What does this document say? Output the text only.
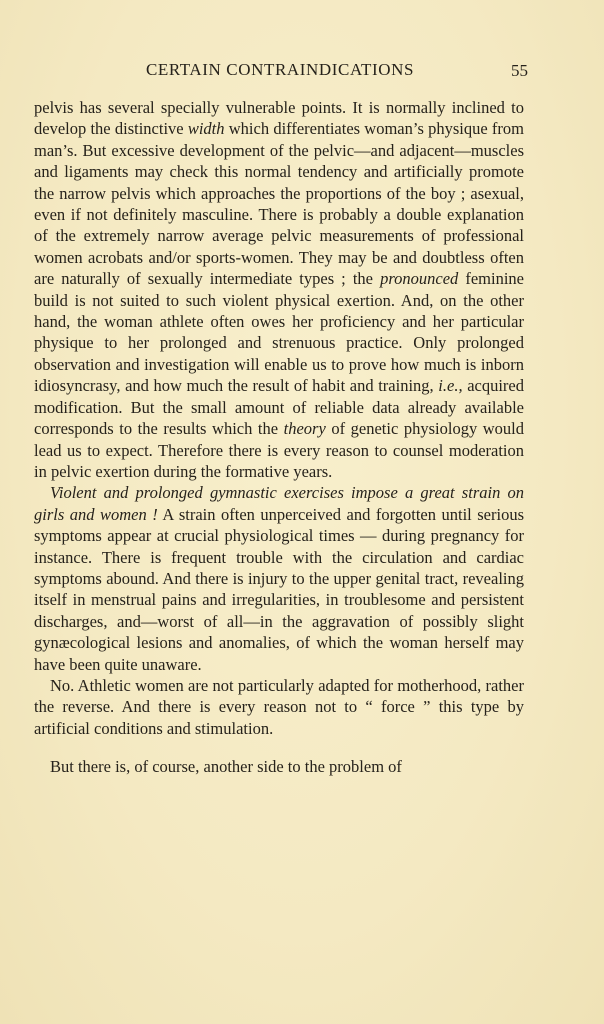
CERTAIN CONTRAINDICATIONS	55

pelvis has several specially vulnerable points. It is normally inclined to develop the distinctive width which differentiates woman’s physique from man’s. But excessive development of the pelvic—and adjacent—muscles and ligaments may check this normal tendency and artificially promote the narrow pelvis which approaches the proportions of the boy ; asexual, even if not definitely masculine. There is probably a double explanation of the extremely narrow average pelvic measurements of professional women acrobats and/or sports-women. They may be and doubtless often are naturally of sexually intermediate types ; the pronounced feminine build is not suited to such violent physical exertion. And, on the other hand, the woman athlete often owes her proficiency and her particular physique to her prolonged and strenuous practice. Only prolonged observation and investigation will enable us to prove how much is inborn idiosyncrasy, and how much the result of habit and training, i.e., acquired modification. But the small amount of reliable data already available corresponds to the results which the theory of genetic physiology would lead us to expect. Therefore there is every reason to counsel moderation in pelvic exertion during the formative years.

Violent and prolonged gymnastic exercises impose a great strain on girls and women ! A strain often unperceived and forgotten until serious symptoms appear at crucial physiological times — during pregnancy for instance. There is frequent trouble with the circulation and cardiac symptoms abound. And there is injury to the upper genital tract, revealing itself in menstrual pains and irregularities, in troublesome and persistent discharges, and—worst of all—in the aggravation of possibly slight gynæcological lesions and anomalies, of which the woman herself may have been quite unaware.

No. Athletic women are not particularly adapted for motherhood, rather the reverse. And there is every reason not to “ force ” this type by artificial conditions and stimulation.

But there is, of course, another side to the problem of
